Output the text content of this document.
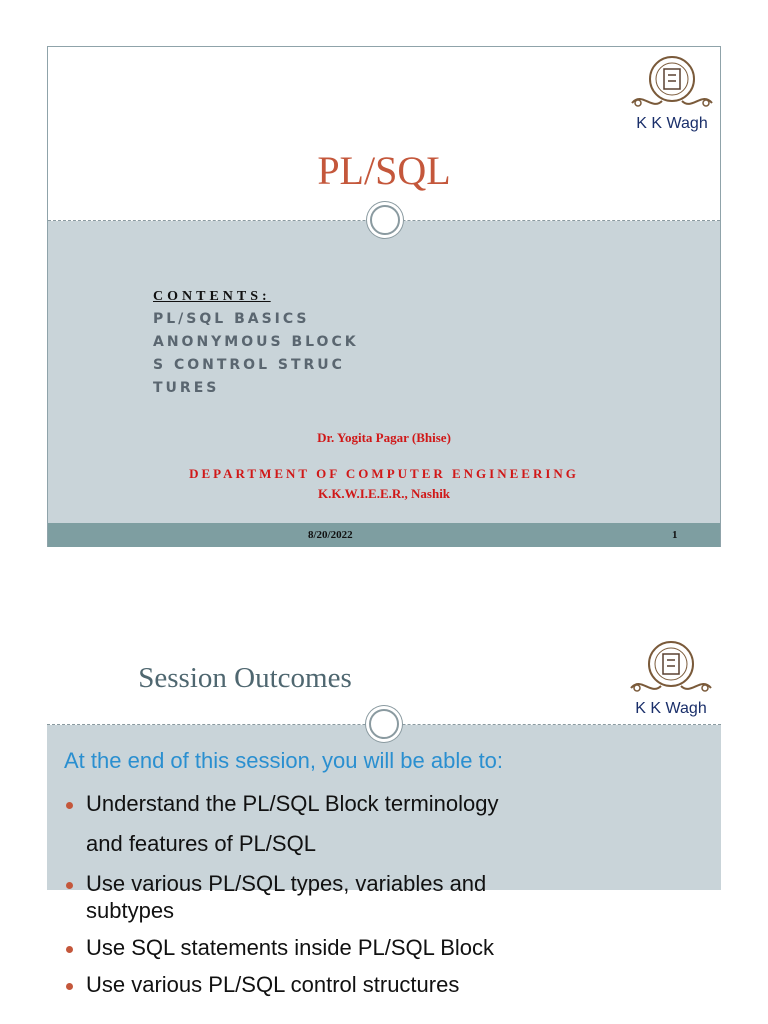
8/20/2022	1
K K Wagh
PL/SQL
CONTENTS:
PL/SQL BASICS
ANONYMOUS BLOCK
S CONTROL STRUC
TURES
Dr. Yogita Pagar (Bhise)
DEPARTMENT OF COMPUTER ENGINEERING
K.K.W.I.E.E.R., Nashik
K K Wagh
Session Outcomes
At the end of this session, you will be able to:
Understand the PL/SQL Block terminology
and features of PL/SQL
Use various PL/SQL types, variables and
subtypes
Use SQL statements inside PL/SQL Block
Use various PL/SQL control structures
